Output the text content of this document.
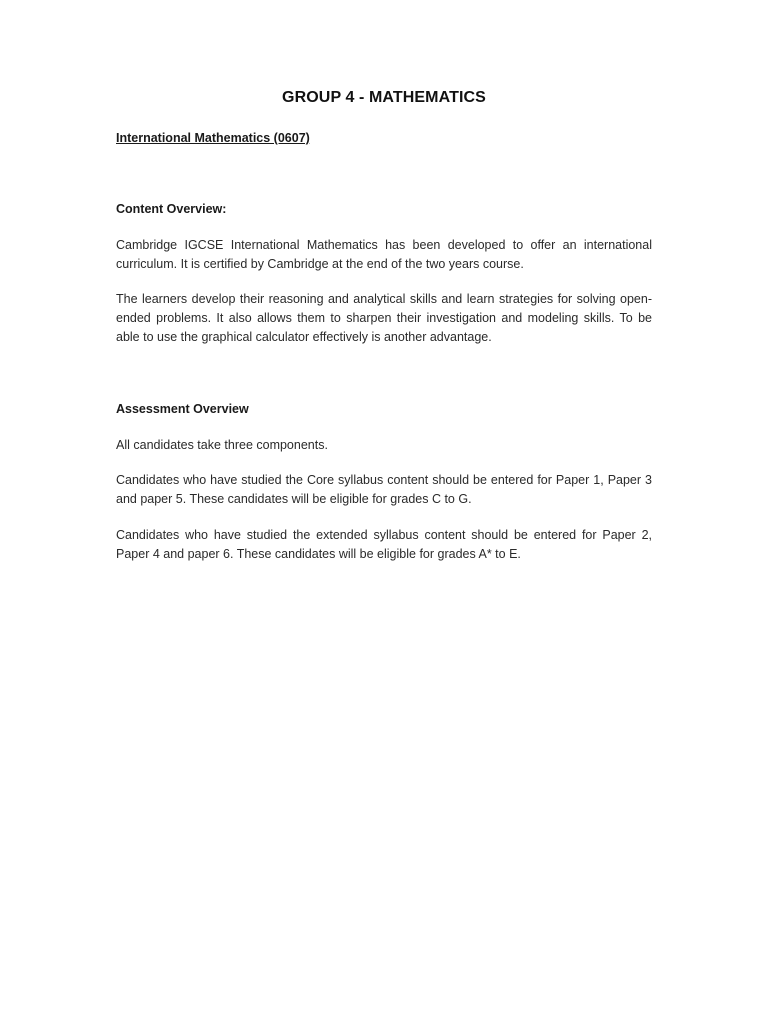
GROUP 4 - MATHEMATICS
International Mathematics (0607)
Content Overview:
Cambridge IGCSE International Mathematics has been developed to offer an international curriculum. It is certified by Cambridge at the end of the two years course.
The learners develop their reasoning and analytical skills and learn strategies for solving open-ended problems. It also allows them to sharpen their investigation and modeling skills. To be able to use the graphical calculator effectively is another advantage.
Assessment Overview
All candidates take three components.
Candidates who have studied the Core syllabus content should be entered for Paper 1, Paper 3 and paper 5. These candidates will be eligible for grades C to G.
Candidates who have studied the extended syllabus content should be entered for Paper 2, Paper 4 and paper 6. These candidates will be eligible for grades A* to E.
